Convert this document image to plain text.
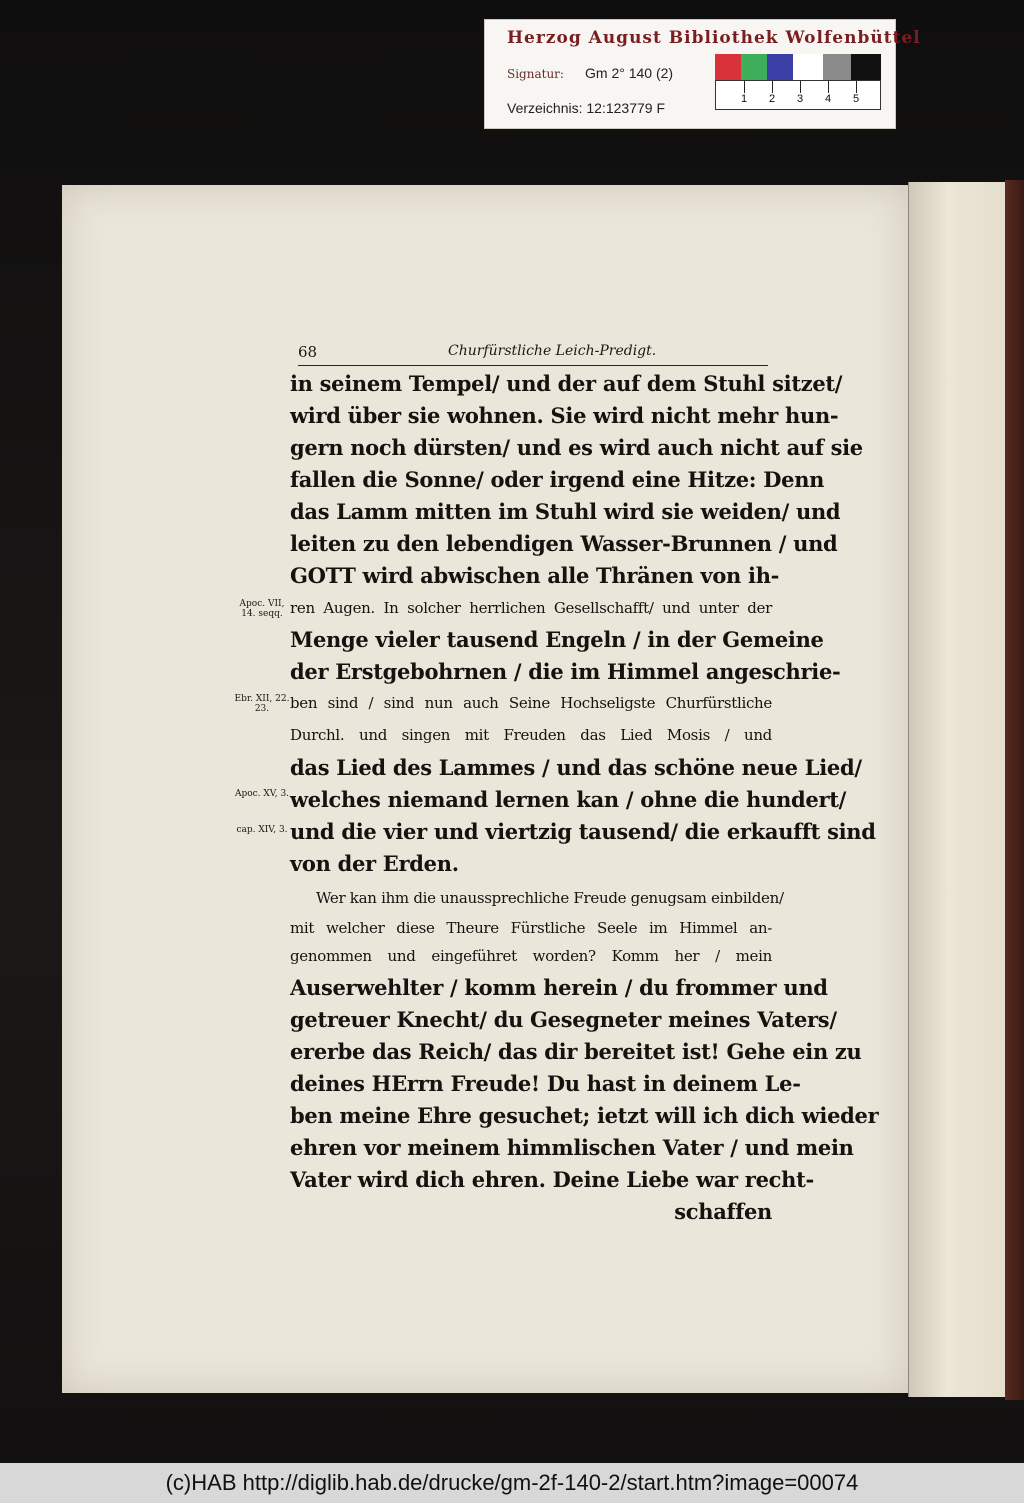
Herzog August Bibliothek Wolfenbüttel
Signatur: Gm 2° 140 (2)
Verzeichnis: 12:123779 F
1 2 3 4 5
68	Churfürstliche Leich-Predigt.
in seinem Tempel/ und der auf dem Stuhl sitzet/
wird über sie wohnen. Sie wird nicht mehr hun-
gern noch dürsten/ und es wird auch nicht auf sie
fallen die Sonne/ oder irgend eine Hitze: Denn
das Lamm mitten im Stuhl wird sie weiden/ und
leiten zu den lebendigen Wasser-Brunnen / und
GOTT wird abwischen alle Thränen von ih-
ren Augen. In solcher herrlichen Gesellschafft/ und unter der
Menge vieler tausend Engeln / in der Gemeine
der Erstgebohrnen / die im Himmel angeschrie-
ben sind / sind nun auch Seine Hochseligste Churfürstliche
Durchl. und singen mit Freuden das Lied Mosis / und
das Lied des Lammes / und das schöne neue Lied/
welches niemand lernen kan / ohne die hundert/
und die vier und viertzig tausend/ die erkaufft sind
von der Erden.
Wer kan ihm die unaussprechliche Freude genugsam einbilden/
mit welcher diese Theure Fürstliche Seele im Himmel an-
genommen und eingeführet worden? Komm her / mein
Auserwehlter / komm herein / du frommer und
getreuer Knecht/ du Gesegneter meines Vaters/
ererbe das Reich/ das dir bereitet ist! Gehe ein zu
deines HErrn Freude! Du hast in deinem Le-
ben meine Ehre gesuchet; ietzt will ich dich wieder
ehren vor meinem himmlischen Vater / und mein
Vater wird dich ehren. Deine Liebe war recht-
schaffen
Apoc. VII, 14. seqq.
Ebr. XII, 22. 23.
Apoc. XV, 3.
cap. XIV, 3.
(c)HAB http://diglib.hab.de/drucke/gm-2f-140-2/start.htm?image=00074
